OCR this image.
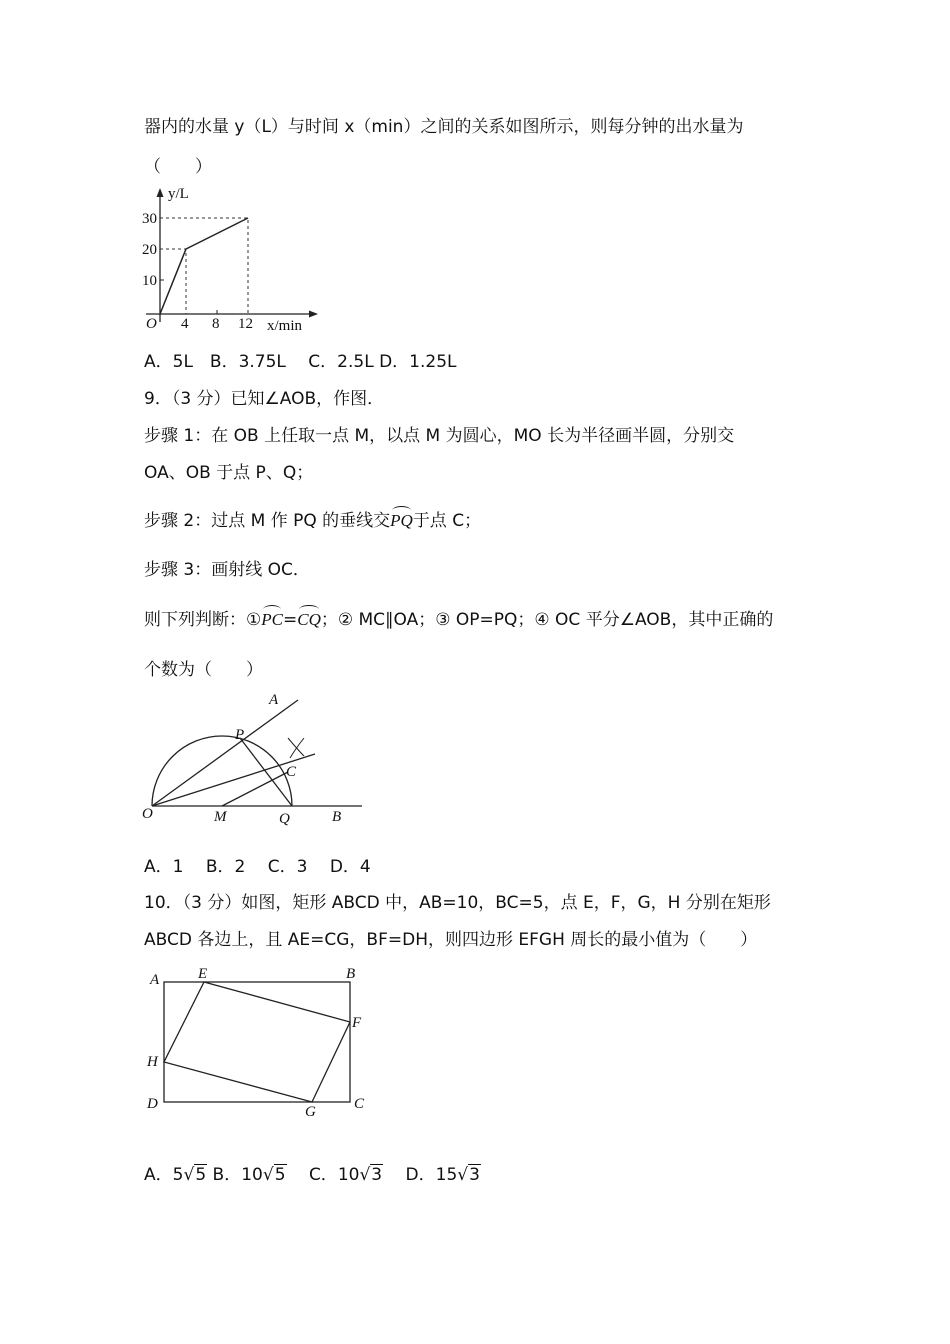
器内的水量 y（L）与时间 x（min）之间的关系如图所示，则每分钟的出水量为
（　　）
y/L
x/min
O
30
20
10
4 8 12
A．5L　B．3.75L　 C．2.5L D．1.25L
9．（3 分）已知∠AOB，作图．
步骤 1：在 OB 上任取一点 M，以点 M 为圆心，MO 长为半径画半圆，分别交
OA、OB 于点 P、Q；
步骤 2：过点 M 作 PQ 的垂线交PQ于点 C；
步骤 3：画射线 OC．
则下列判断：①PC=CQ；② MC∥OA；③ OP=PQ；④ OC 平分∠AOB，其中正确的
个数为（　　）
A
P
C
O	M	Q	B
A．1　 B．2　 C．3　 D．4
10．（3 分）如图，矩形 ABCD 中，AB=10，BC=5，点 E，F，G，H 分别在矩形
ABCD 各边上，且 AE=CG，BF=DH，则四边形 EFGH 周长的最小值为（　　）
A	E	B
F
H
D	G	C
A．5√5 B．10√5　 C．10√3　 D．15√3
